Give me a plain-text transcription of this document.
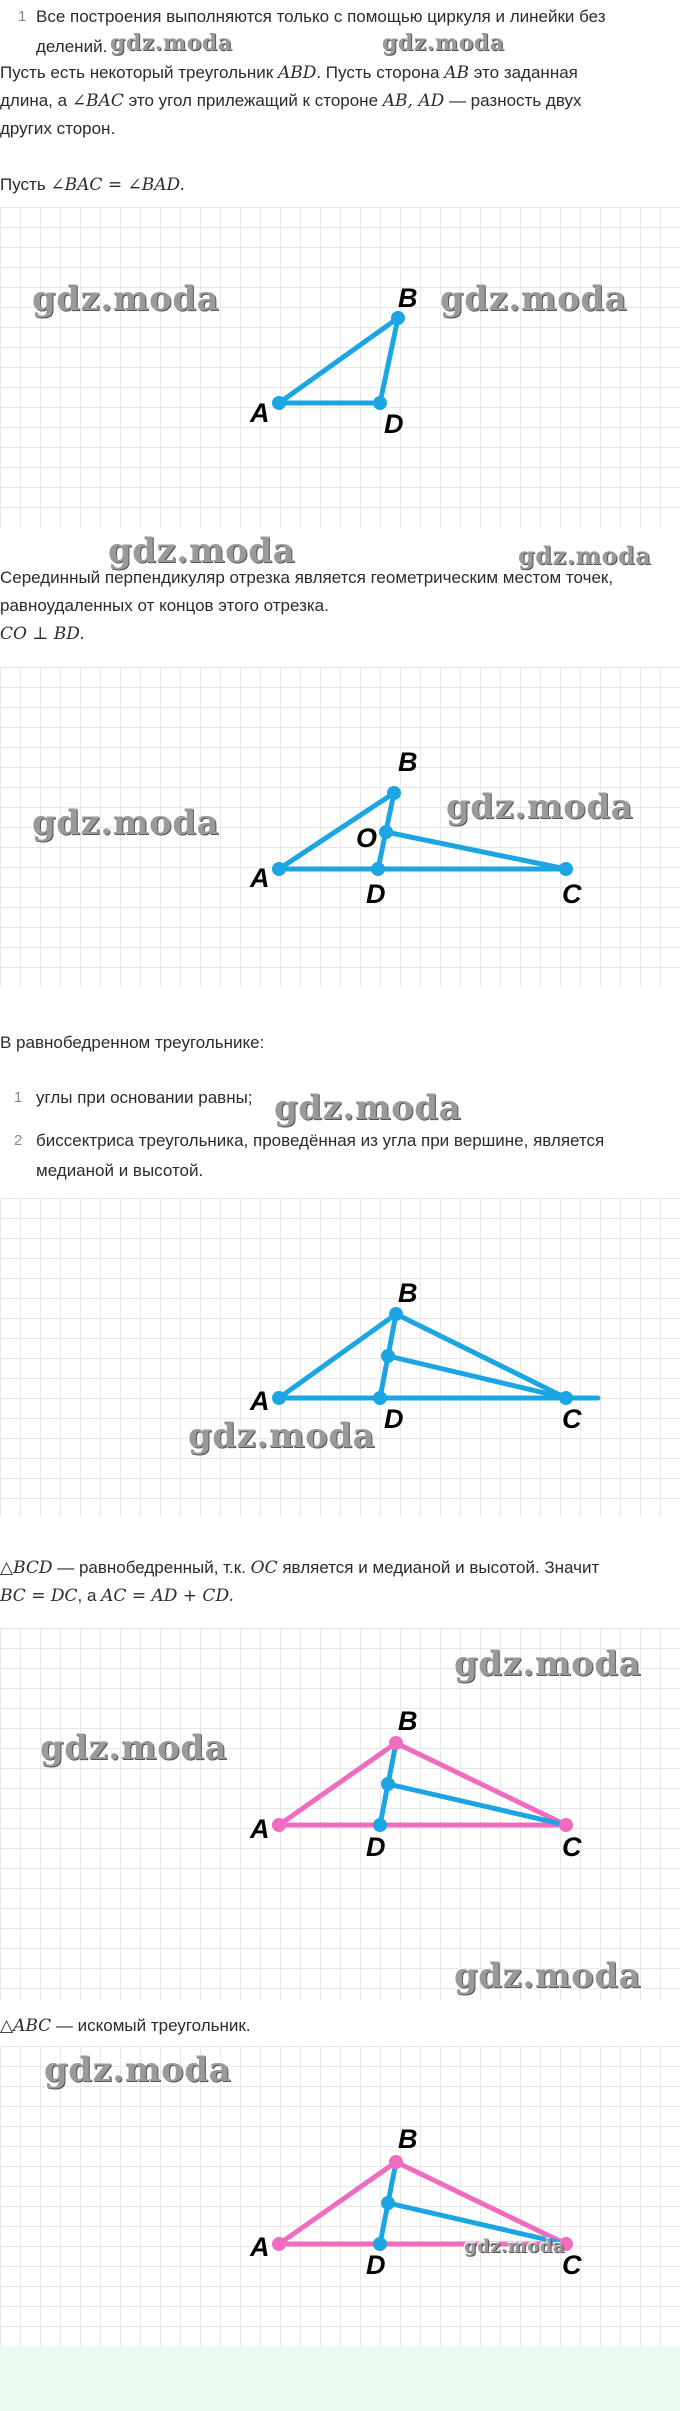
1 Все построения выполняются только с помощью циркуля и линейки без
делений. gdz.moda	gdz.moda
Пусть есть некоторый треугольник ABD. Пусть сторона AB это заданная
длина, а ∠BAC это угол прилежащий к стороне AB, AD — разность двух
других сторон.
Пусть ∠BAC = ∠BAD.
A
B
D
gdz.moda	gdz.moda
gdz.moda	gdz.moda
Серединный перпендикуляр отрезка является геометрическим местом точек,
равноудаленных от концов этого отрезка.
CO ⊥ BD.
A
B
O
D	C
gdz.moda	gdz.moda
В равнобедренном треугольнике:
1 углы при основании равны; gdz.moda
2 биссектриса треугольника, проведённая из угла при вершине, является
медианой и высотой.
A
B
D	C
gdz.moda
△BCD — равнобедренный, т.к. OC является и медианой и высотой. Значит
BC = DC, а AC = AD + CD.
A
B
D	C
gdz.moda
gdz.moda
gdz.moda
△ABC — искомый треугольник.
A
B
D	C
gdz.moda
gdz.moda
